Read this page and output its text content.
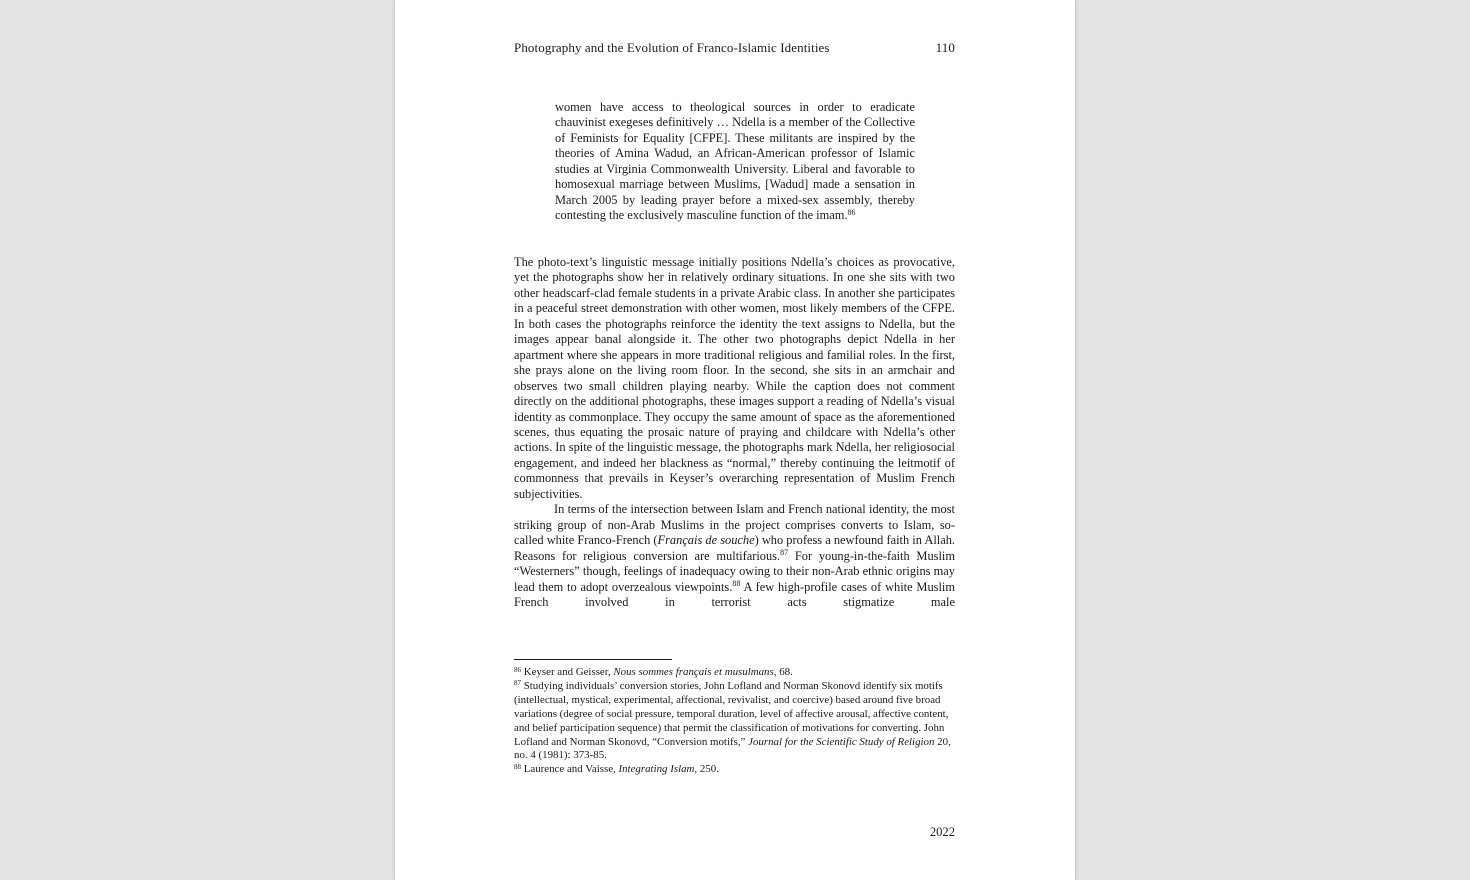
Photography and the Evolution of Franco-Islamic Identities	110
women have access to theological sources in order to eradicate chauvinist exegeses definitively … Ndella is a member of the Collective of Feminists for Equality [CFPE]. These militants are inspired by the theories of Amina Wadud, an African-American professor of Islamic studies at Virginia Commonwealth University. Liberal and favorable to homosexual marriage between Muslims, [Wadud] made a sensation in March 2005 by leading prayer before a mixed-sex assembly, thereby contesting the exclusively masculine function of the imam.$^{86}$

The photo-text’s linguistic message initially positions Ndella’s choices as provocative, yet the photographs show her in relatively ordinary situations. In one she sits with two other headscarf-clad female students in a private Arabic class. In another she participates in a peaceful street demonstration with other women, most likely members of the CFPE. In both cases the photographs reinforce the identity the text assigns to Ndella, but the images appear banal alongside it. The other two photographs depict Ndella in her apartment where she appears in more traditional religious and familial roles. In the first, she prays alone on the living room floor. In the second, she sits in an armchair and observes two small children playing nearby. While the caption does not comment directly on the additional photographs, these images support a reading of Ndella’s visual identity as commonplace. They occupy the same amount of space as the aforementioned scenes, thus equating the prosaic nature of praying and childcare with Ndella’s other actions. In spite of the linguistic message, the photographs mark Ndella, her religiosocial engagement, and indeed her blackness as “normal,” thereby continuing the leitmotif of commonness that prevails in Keyser’s overarching representation of Muslim French subjectivities.

In terms of the intersection between Islam and French national identity, the most striking group of non-Arab Muslims in the project comprises converts to Islam, so-called white Franco-French (Français de souche) who profess a newfound faith in Allah. Reasons for religious conversion are multifarious.$^{87}$ For young-in-the-faith Muslim “Westerners” though, feelings of inadequacy owing to their non-Arab ethnic origins may lead them to adopt overzealous viewpoints.$^{88}$ A few high-profile cases of white Muslim French involved in terrorist acts stigmatize male

$^{86}$ Keyser and Geisser, Nous sommes français et musulmans, 68.

$^{87}$ Studying individuals’ conversion stories, John Lofland and Norman Skonovd identify six motifs (intellectual, mystical, experimental, affectional, revivalist, and coercive) based around five broad variations (degree of social pressure, temporal duration, level of affective arousal, affective content, and belief participation sequence) that permit the classification of motivations for converting. John Lofland and Norman Skonovd, “Conversion motifs,” Journal for the Scientific Study of Religion 20, no. 4 (1981): 373-85.

$^{88}$ Laurence and Vaisse, Integrating Islam, 250.

2022
